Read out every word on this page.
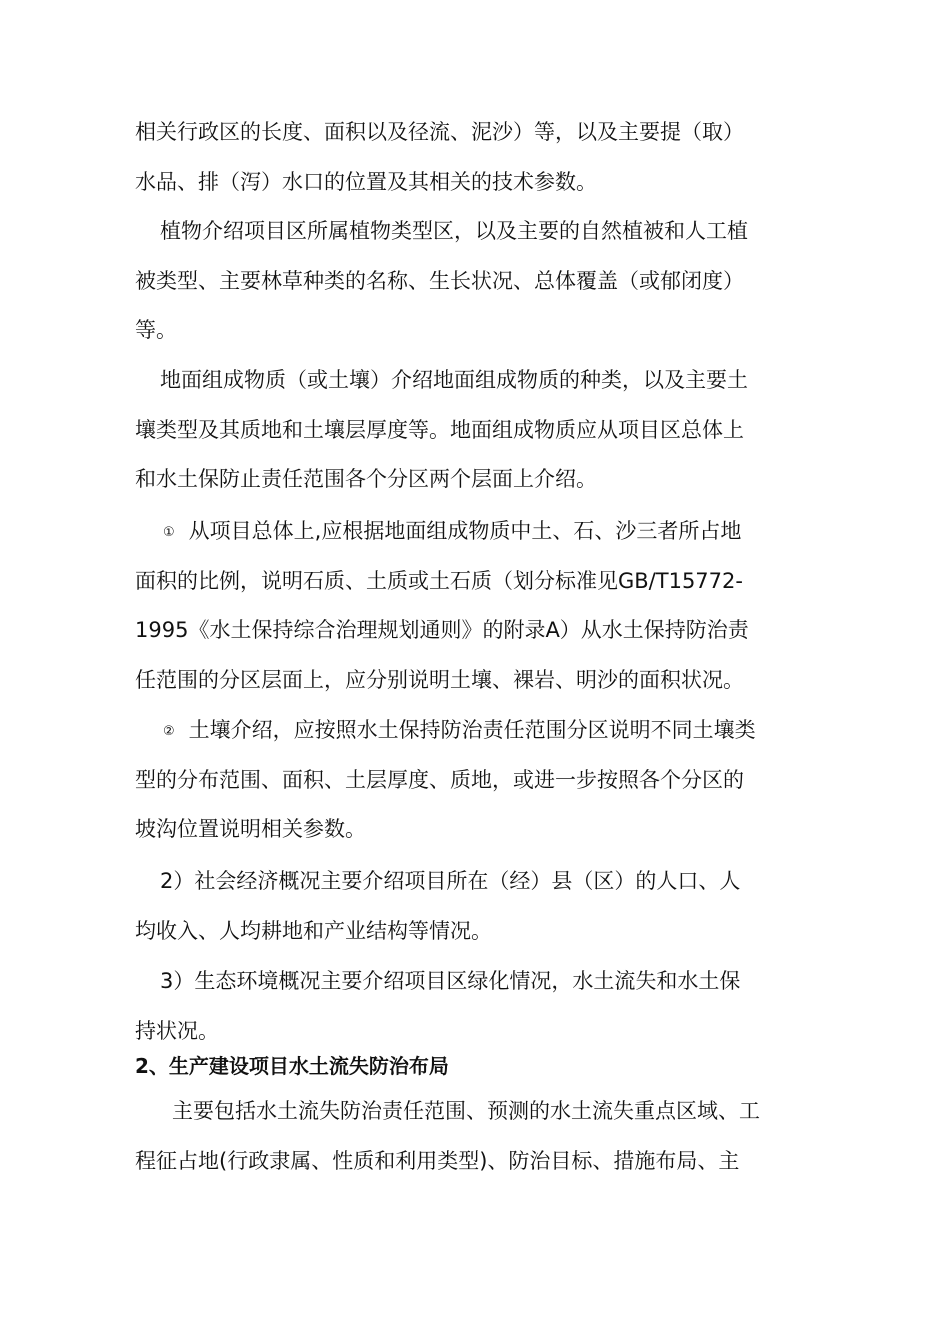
相关行政区的长度、面积以及径流、泥沙）等，以及主要提（取）
水品、排（泻）水口的位置及其相关的技术参数。
植物介绍项目区所属植物类型区，以及主要的自然植被和人工植
被类型、主要林草种类的名称、生长状况、总体覆盖（或郁闭度）
等。
地面组成物质（或土壤）介绍地面组成物质的种类，以及主要土
壤类型及其质地和土壤层厚度等。地面组成物质应从项目区总体上
和水土保防止责任范围各个分区两个层面上介绍。
① 从项目总体上,应根据地面组成物质中土、石、沙三者所占地
面积的比例，说明石质、土质或土石质（划分标准见GB/T15772-
1995《水土保持综合治理规划通则》的附录A）从水土保持防治责
任范围的分区层面上，应分别说明土壤、裸岩、明沙的面积状况。
② 土壤介绍，应按照水土保持防治责任范围分区说明不同土壤类
型的分布范围、面积、土层厚度、质地，或进一步按照各个分区的
坡沟位置说明相关参数。
2）社会经济概况主要介绍项目所在（经）县（区）的人口、人
均收入、人均耕地和产业结构等情况。
3）生态环境概况主要介绍项目区绿化情况，水土流失和水土保
持状况。
2、生产建设项目水土流失防治布局
主要包括水土流失防治责任范围、预测的水土流失重点区域、工
程征占地(行政隶属、性质和利用类型)、防治目标、措施布局、主
